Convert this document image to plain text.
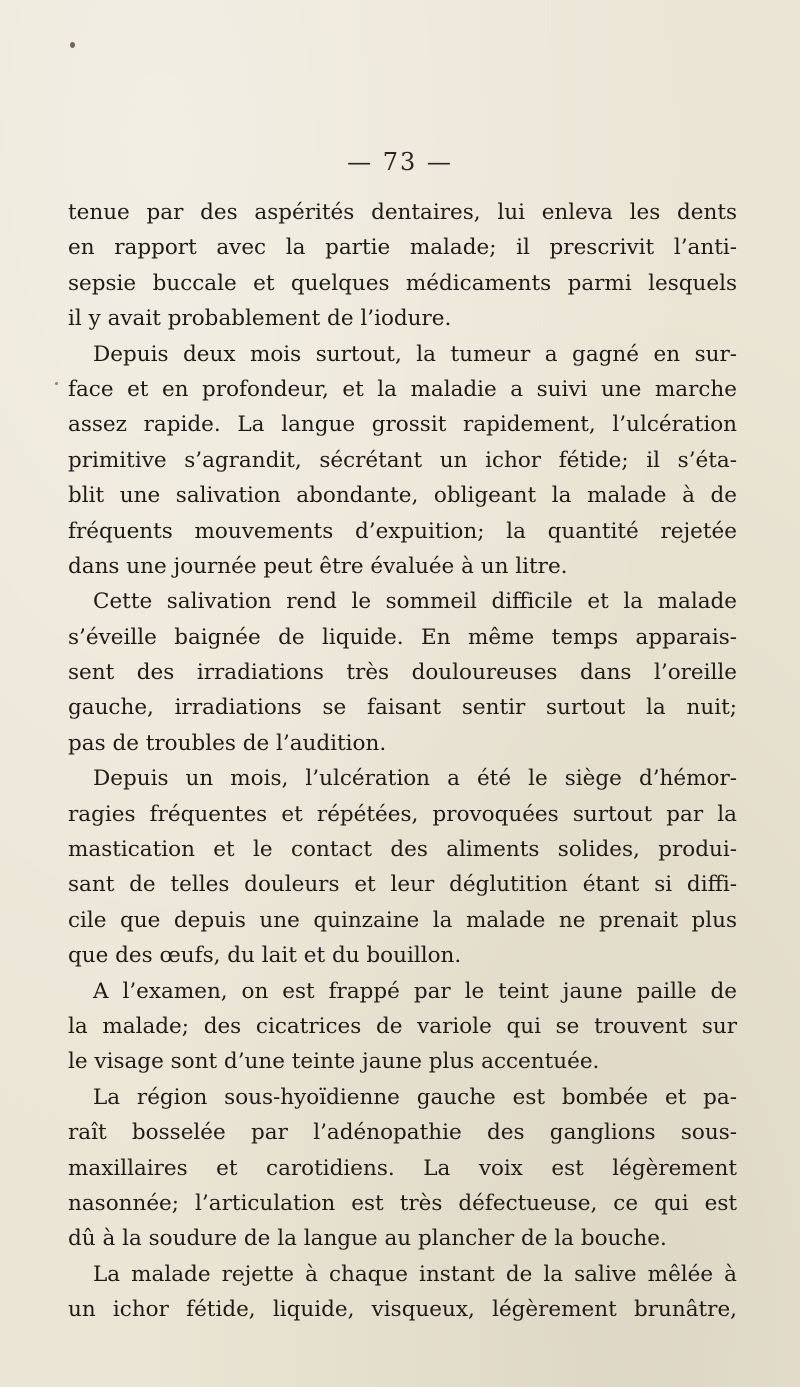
— 73 —
tenue par des aspérités dentaires, lui enleva les dents
en rapport avec la partie malade; il prescrivit l’anti-
sepsie buccale et quelques médicaments parmi lesquels
il y avait probablement de l’iodure.
Depuis deux mois surtout, la tumeur a gagné en sur-
face et en profondeur, et la maladie a suivi une marche
assez rapide. La langue grossit rapidement, l’ulcération
primitive s’agrandit, sécrétant un ichor fétide; il s’éta-
blit une salivation abondante, obligeant la malade à de
fréquents mouvements d’expuition; la quantité rejetée
dans une journée peut être évaluée à un litre.
Cette salivation rend le sommeil difficile et la malade
s’éveille baignée de liquide. En même temps apparais-
sent des irradiations très douloureuses dans l’oreille
gauche, irradiations se faisant sentir surtout la nuit;
pas de troubles de l’audition.
Depuis un mois, l’ulcération a été le siège d’hémor-
ragies fréquentes et répétées, provoquées surtout par la
mastication et le contact des aliments solides, produi-
sant de telles douleurs et leur déglutition étant si diffi-
cile que depuis une quinzaine la malade ne prenait plus
que des œufs, du lait et du bouillon.
A l’examen, on est frappé par le teint jaune paille de
la malade; des cicatrices de variole qui se trouvent sur
le visage sont d’une teinte jaune plus accentuée.
La région sous-hyoïdienne gauche est bombée et pa-
raît bosselée par l’adénopathie des ganglions sous-
maxillaires et carotidiens. La voix est légèrement
nasonnée; l’articulation est très défectueuse, ce qui est
dû à la soudure de la langue au plancher de la bouche.
La malade rejette à chaque instant de la salive mêlée à
un ichor fétide, liquide, visqueux, légèrement brunâtre,
